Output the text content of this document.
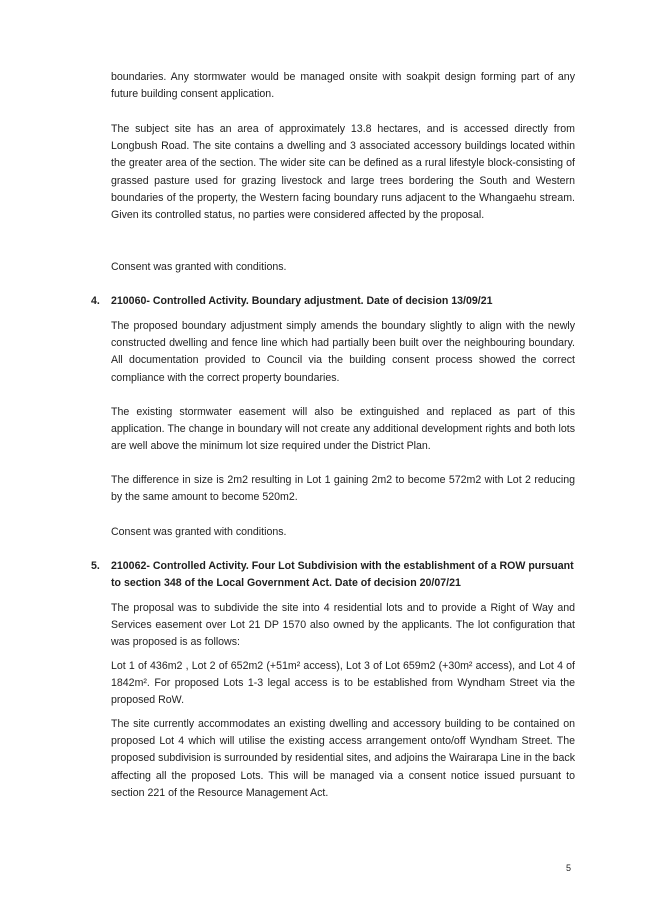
boundaries. Any stormwater would be managed onsite with soakpit design forming part of any future building consent application.

The subject site has an area of approximately 13.8 hectares, and is accessed directly from Longbush Road. The site contains a dwelling and 3 associated accessory buildings located within the greater area of the section. The wider site can be defined as a rural lifestyle block-consisting of grassed pasture used for grazing livestock and large trees bordering the South and Western boundaries of the property, the Western facing boundary runs adjacent to the Whangaehu stream. Given its controlled status, no parties were considered affected by the proposal.

Consent was granted with conditions.

4. 210060- Controlled Activity. Boundary adjustment. Date of decision 13/09/21

The proposed boundary adjustment simply amends the boundary slightly to align with the newly constructed dwelling and fence line which had partially been built over the neighbouring boundary. All documentation provided to Council via the building consent process showed the correct compliance with the correct property boundaries.

The existing stormwater easement will also be extinguished and replaced as part of this application. The change in boundary will not create any additional development rights and both lots are well above the minimum lot size required under the District Plan.

The difference in size is 2m2 resulting in Lot 1 gaining 2m2 to become 572m2 with Lot 2 reducing by the same amount to become 520m2.

Consent was granted with conditions.

5. 210062- Controlled Activity. Four Lot Subdivision with the establishment of a ROW pursuant to section 348 of the Local Government Act. Date of decision 20/07/21

The proposal was to subdivide the site into 4 residential lots and to provide a Right of Way and Services easement over Lot 21 DP 1570 also owned by the applicants. The lot configuration that was proposed is as follows:

Lot 1 of 436m2 , Lot 2 of 652m2 (+51m² access), Lot 3 of Lot 659m2 (+30m² access), and Lot 4 of 1842m². For proposed Lots 1-3 legal access is to be established from Wyndham Street via the proposed RoW.

The site currently accommodates an existing dwelling and accessory building to be contained on proposed Lot 4 which will utilise the existing access arrangement onto/off Wyndham Street. The proposed subdivision is surrounded by residential sites, and adjoins the Wairarapa Line in the back affecting all the proposed Lots. This will be managed via a consent notice issued pursuant to section 221 of the Resource Management Act.

5
